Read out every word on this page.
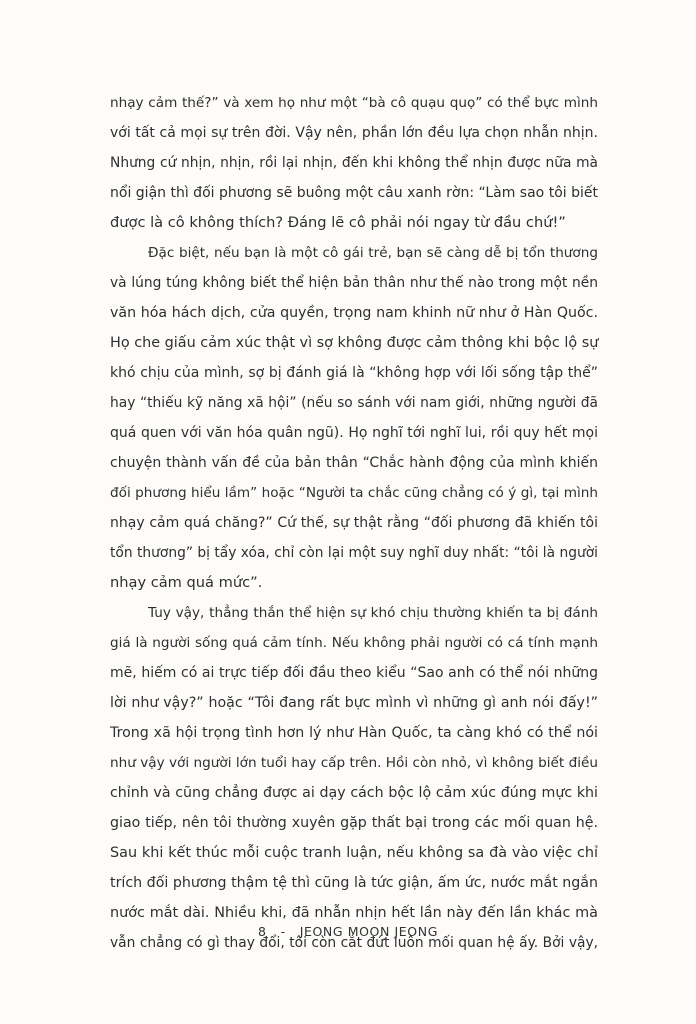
nhạy cảm thế?” và xem họ như một “bà cô quạu quọ” có thể bực mình
với tất cả mọi sự trên đời. Vậy nên, phần lớn đều lựa chọn nhẫn nhịn.
Nhưng cứ nhịn, nhịn, rồi lại nhịn, đến khi không thể nhịn được nữa mà
nổi giận thì đối phương sẽ buông một câu xanh rờn: “Làm sao tôi biết
được là cô không thích? Đáng lẽ cô phải nói ngay từ đầu chứ!”
Đặc biệt, nếu bạn là một cô gái trẻ, bạn sẽ càng dễ bị tổn thương
và lúng túng không biết thể hiện bản thân như thế nào trong một nền
văn hóa hách dịch, cửa quyền, trọng nam khinh nữ như ở Hàn Quốc.
Họ che giấu cảm xúc thật vì sợ không được cảm thông khi bộc lộ sự
khó chịu của mình, sợ bị đánh giá là “không hợp với lối sống tập thể”
hay “thiếu kỹ năng xã hội” (nếu so sánh với nam giới, những người đã
quá quen với văn hóa quân ngũ). Họ nghĩ tới nghĩ lui, rồi quy hết mọi
chuyện thành vấn đề của bản thân “Chắc hành động của mình khiến
đối phương hiểu lầm” hoặc “Người ta chắc cũng chẳng có ý gì, tại mình
nhạy cảm quá chăng?” Cứ thế, sự thật rằng “đối phương đã khiến tôi
tổn thương” bị tẩy xóa, chỉ còn lại một suy nghĩ duy nhất: “tôi là người
nhạy cảm quá mức”.
Tuy vậy, thẳng thắn thể hiện sự khó chịu thường khiến ta bị đánh
giá là người sống quá cảm tính. Nếu không phải người có cá tính mạnh
mẽ, hiếm có ai trực tiếp đối đầu theo kiểu “Sao anh có thể nói những
lời như vậy?” hoặc “Tôi đang rất bực mình vì những gì anh nói đấy!”
Trong xã hội trọng tình hơn lý như Hàn Quốc, ta càng khó có thể nói
như vậy với người lớn tuổi hay cấp trên. Hồi còn nhỏ, vì không biết điều
chỉnh và cũng chẳng được ai dạy cách bộc lộ cảm xúc đúng mực khi
giao tiếp, nên tôi thường xuyên gặp thất bại trong các mối quan hệ.
Sau khi kết thúc mỗi cuộc tranh luận, nếu không sa đà vào việc chỉ
trích đối phương thậm tệ thì cũng là tức giận, ấm ức, nước mắt ngắn
nước mắt dài. Nhiều khi, đã nhẫn nhịn hết lần này đến lần khác mà
vẫn chẳng có gì thay đổi, tôi còn cắt đứt luôn mối quan hệ ấy. Bởi vậy,
8 - JEONG MOON JEONG
